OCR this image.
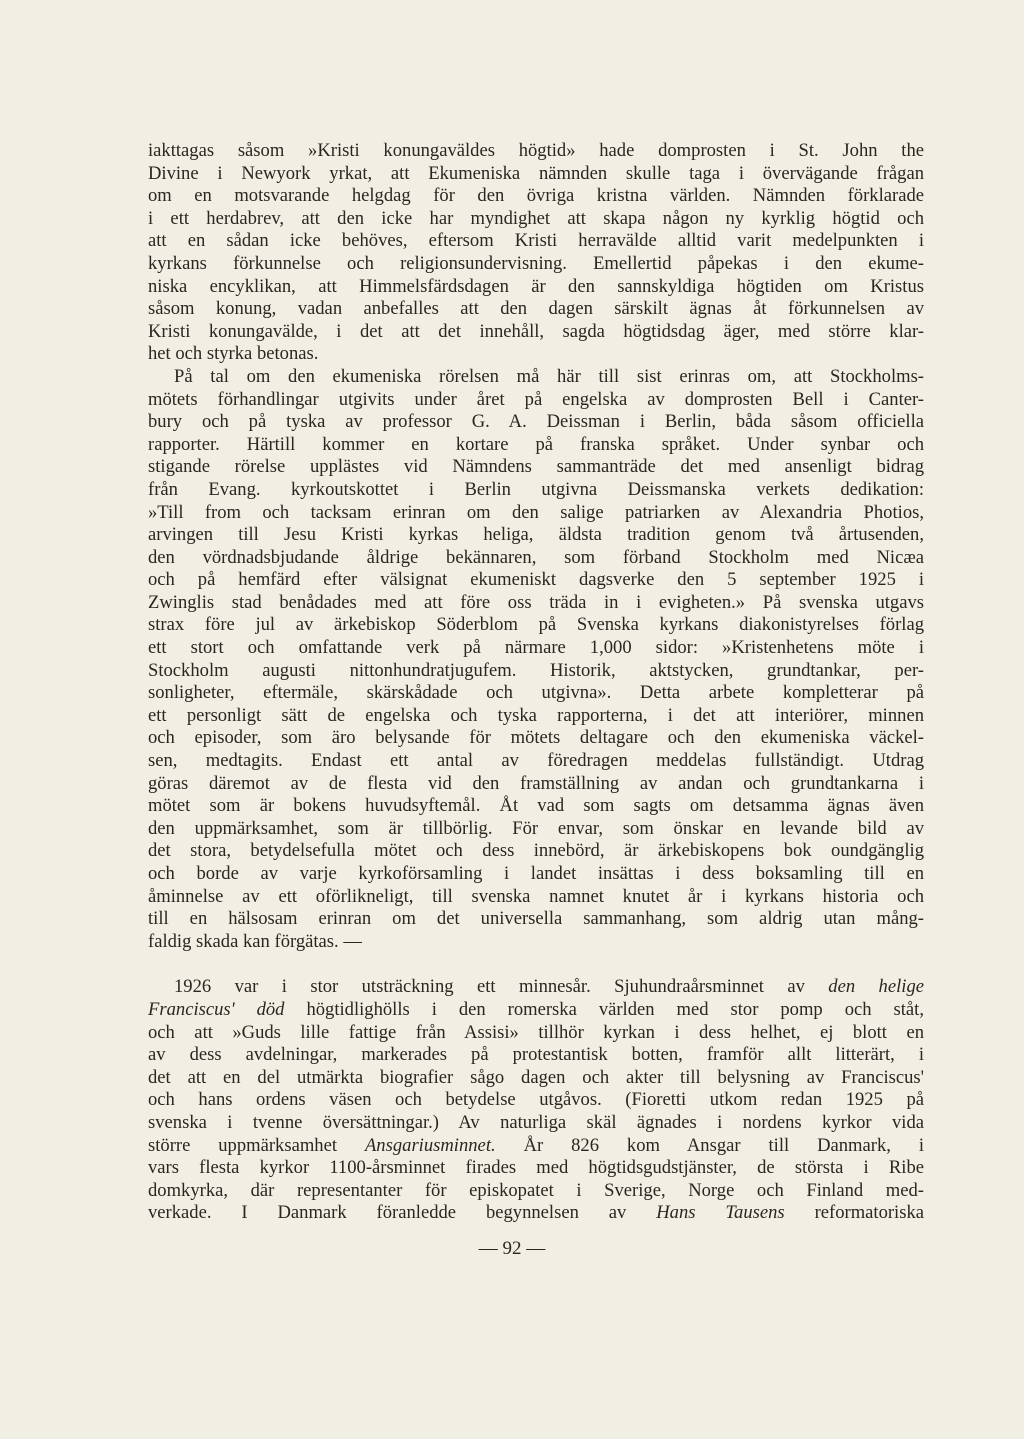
iakttagas såsom »Kristi konungaväldes högtid» hade domprosten i St. John the
Divine i Newyork yrkat, att Ekumeniska nämnden skulle taga i övervägande frågan
om en motsvarande helgdag för den övriga kristna världen. Nämnden förklarade
i ett herdabrev, att den icke har myndighet att skapa någon ny kyrklig högtid och
att en sådan icke behöves, eftersom Kristi herravälde alltid varit medelpunkten i
kyrkans förkunnelse och religionsundervisning. Emellertid påpekas i den ekume-
niska encyklikan, att Himmelsfärdsdagen är den sannskyldiga högtiden om Kristus
såsom konung, vadan anbefalles att den dagen särskilt ägnas åt förkunnelsen av
Kristi konungavälde, i det att det innehåll, sagda högtidsdag äger, med större klar-
het och styrka betonas.
På tal om den ekumeniska rörelsen må här till sist erinras om, att Stockholms-
mötets förhandlingar utgivits under året på engelska av domprosten Bell i Canter-
bury och på tyska av professor G. A. Deissman i Berlin, båda såsom officiella
rapporter. Härtill kommer en kortare på franska språket. Under synbar och
stigande rörelse upplästes vid Nämndens sammanträde det med ansenligt bidrag
från Evang. kyrkoutskottet i Berlin utgivna Deissmanska verkets dedikation:
»Till from och tacksam erinran om den salige patriarken av Alexandria Photios,
arvingen till Jesu Kristi kyrkas heliga, äldsta tradition genom två årtusenden,
den vördnadsbjudande åldrige bekännaren, som förband Stockholm med Nicæa
och på hemfärd efter välsignat ekumeniskt dagsverke den 5 september 1925 i
Zwinglis stad benådades med att före oss träda in i evigheten.» På svenska utgavs
strax före jul av ärkebiskop Söderblom på Svenska kyrkans diakonistyrelses förlag
ett stort och omfattande verk på närmare 1,000 sidor: »Kristenhetens möte i
Stockholm augusti nittonhundratjugufem. Historik, aktstycken, grundtankar, per-
sonligheter, eftermäle, skärskådade och utgivna». Detta arbete kompletterar på
ett personligt sätt de engelska och tyska rapporterna, i det att interiörer, minnen
och episoder, som äro belysande för mötets deltagare och den ekumeniska väckel-
sen, medtagits. Endast ett antal av föredragen meddelas fullständigt. Utdrag
göras däremot av de flesta vid den framställning av andan och grundtankarna i
mötet som är bokens huvudsyftemål. Åt vad som sagts om detsamma ägnas även
den uppmärksamhet, som är tillbörlig. För envar, som önskar en levande bild av
det stora, betydelsefulla mötet och dess innebörd, är ärkebiskopens bok oundgänglig
och borde av varje kyrkoförsamling i landet insättas i dess boksamling till en
åminnelse av ett oförlikneligt, till svenska namnet knutet år i kyrkans historia och
till en hälsosam erinran om det universella sammanhang, som aldrig utan mång-
faldig skada kan förgätas. —
1926 var i stor utsträckning ett minnesår. Sjuhundraårsminnet av den helige
Franciscus' död högtidlighölls i den romerska världen med stor pomp och ståt,
och att »Guds lille fattige från Assisi» tillhör kyrkan i dess helhet, ej blott en
av dess avdelningar, markerades på protestantisk botten, framför allt litterärt, i
det att en del utmärkta biografier sågo dagen och akter till belysning av Franciscus'
och hans ordens väsen och betydelse utgåvos. (Fioretti utkom redan 1925 på
svenska i tvenne översättningar.) Av naturliga skäl ägnades i nordens kyrkor vida
större uppmärksamhet Ansgariusminnet. År 826 kom Ansgar till Danmark, i
vars flesta kyrkor 1100-årsminnet firades med högtidsgudstjänster, de största i Ribe
domkyrka, där representanter för episkopatet i Sverige, Norge och Finland med-
verkade. I Danmark föranledde begynnelsen av Hans Tausens reformatoriska
— 92 —
